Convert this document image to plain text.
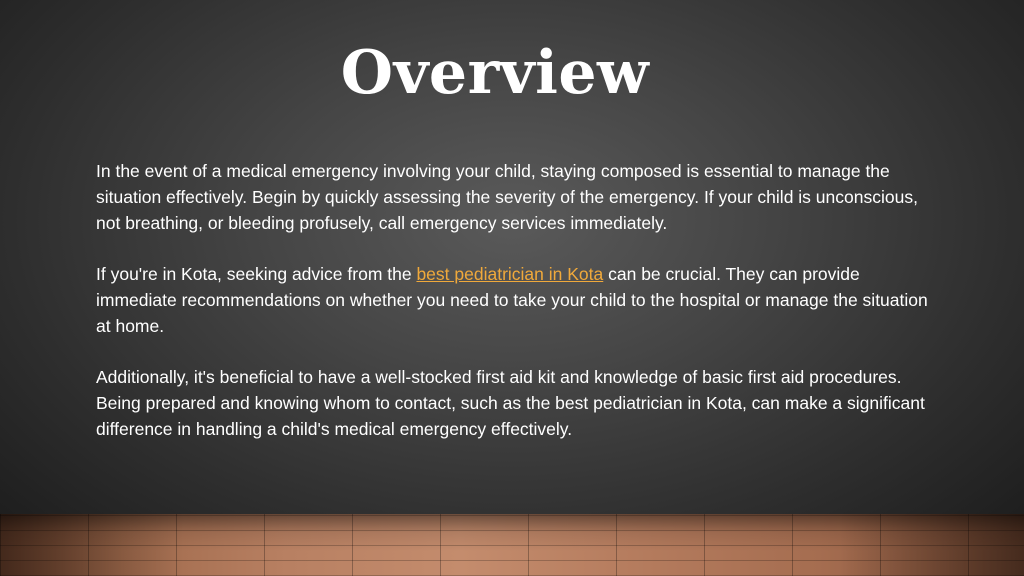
Overview

In the event of a medical emergency involving your child, staying composed is essential to manage the situation effectively. Begin by quickly assessing the severity of the emergency. If your child is unconscious, not breathing, or bleeding profusely, call emergency services immediately.

If you're in Kota, seeking advice from the best pediatrician in Kota can be crucial. They can provide immediate recommendations on whether you need to take your child to the hospital or manage the situation at home.

Additionally, it's beneficial to have a well-stocked first aid kit and knowledge of basic first aid procedures. Being prepared and knowing whom to contact, such as the best pediatrician in Kota, can make a significant difference in handling a child's medical emergency effectively.
